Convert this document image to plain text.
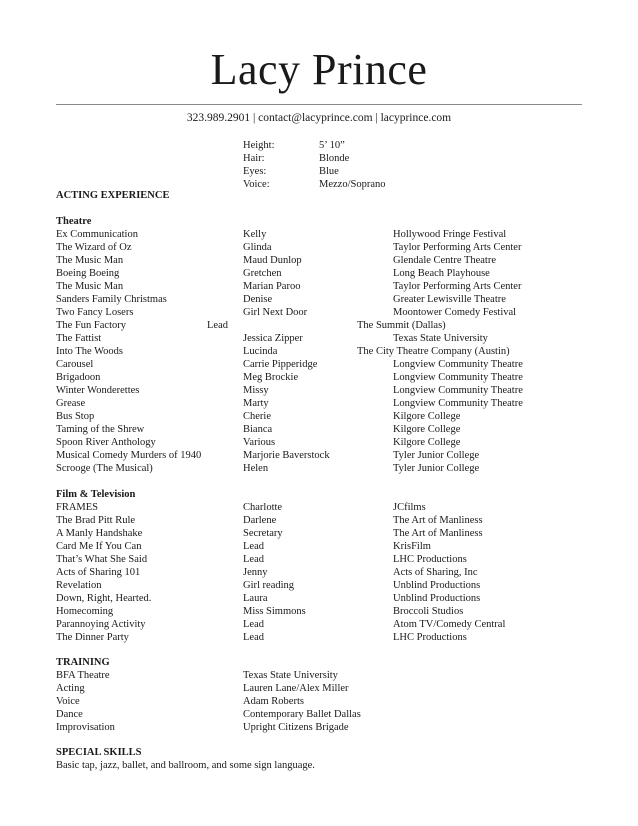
Lacy Prince
323.989.2901 | contact@lacyprince.com | lacyprince.com
Height:	5’ 10”
Hair:	Blonde
Eyes:	Blue
Voice:	Mezzo/Soprano
ACTING EXPERIENCE
Theatre
Ex Communication	Kelly	Hollywood Fringe Festival
The Wizard of Oz	Glinda	Taylor Performing Arts Center
The Music Man	Maud Dunlop	Glendale Centre Theatre
Boeing Boeing	Gretchen	Long Beach Playhouse
The Music Man	Marian Paroo	Taylor Performing Arts Center
Sanders Family Christmas	Denise	Greater Lewisville Theatre
Two Fancy Losers	Girl Next Door	Moontower Comedy Festival
The Fun Factory	Lead	The Summit (Dallas)
The Fattist	Jessica Zipper	Texas State University
Into The Woods	Lucinda	The City Theatre Company (Austin)
Carousel	Carrie Pipperidge	Longview Community Theatre
Brigadoon	Meg Brockie	Longview Community Theatre
Winter Wonderettes	Missy	Longview Community Theatre
Grease	Marty	Longview Community Theatre
Bus Stop	Cherie	Kilgore College
Taming of the Shrew	Bianca	Kilgore College
Spoon River Anthology	Various	Kilgore College
Musical Comedy Murders of 1940	Marjorie Baverstock	Tyler Junior College
Scrooge (The Musical)	Helen	Tyler Junior College
Film & Television
FRAMES	Charlotte	JCfilms
The Brad Pitt Rule	Darlene	The Art of Manliness
A Manly Handshake	Secretary	The Art of Manliness
Card Me If You Can	Lead	KrisFilm
That’s What She Said	Lead	LHC Productions
Acts of Sharing 101	Jenny	Acts of Sharing, Inc
Revelation	Girl reading	Unblind Productions
Down, Right, Hearted.	Laura	Unblind Productions
Homecoming	Miss Simmons	Broccoli Studios
Parannoying Activity	Lead	Atom TV/Comedy Central
The Dinner Party	Lead	LHC Productions
TRAINING
BFA Theatre	Texas State University
Acting	Lauren Lane/Alex Miller
Voice	Adam Roberts
Dance	Contemporary Ballet Dallas
Improvisation	Upright Citizens Brigade
SPECIAL SKILLS
Basic tap, jazz, ballet, and ballroom, and some sign language.
